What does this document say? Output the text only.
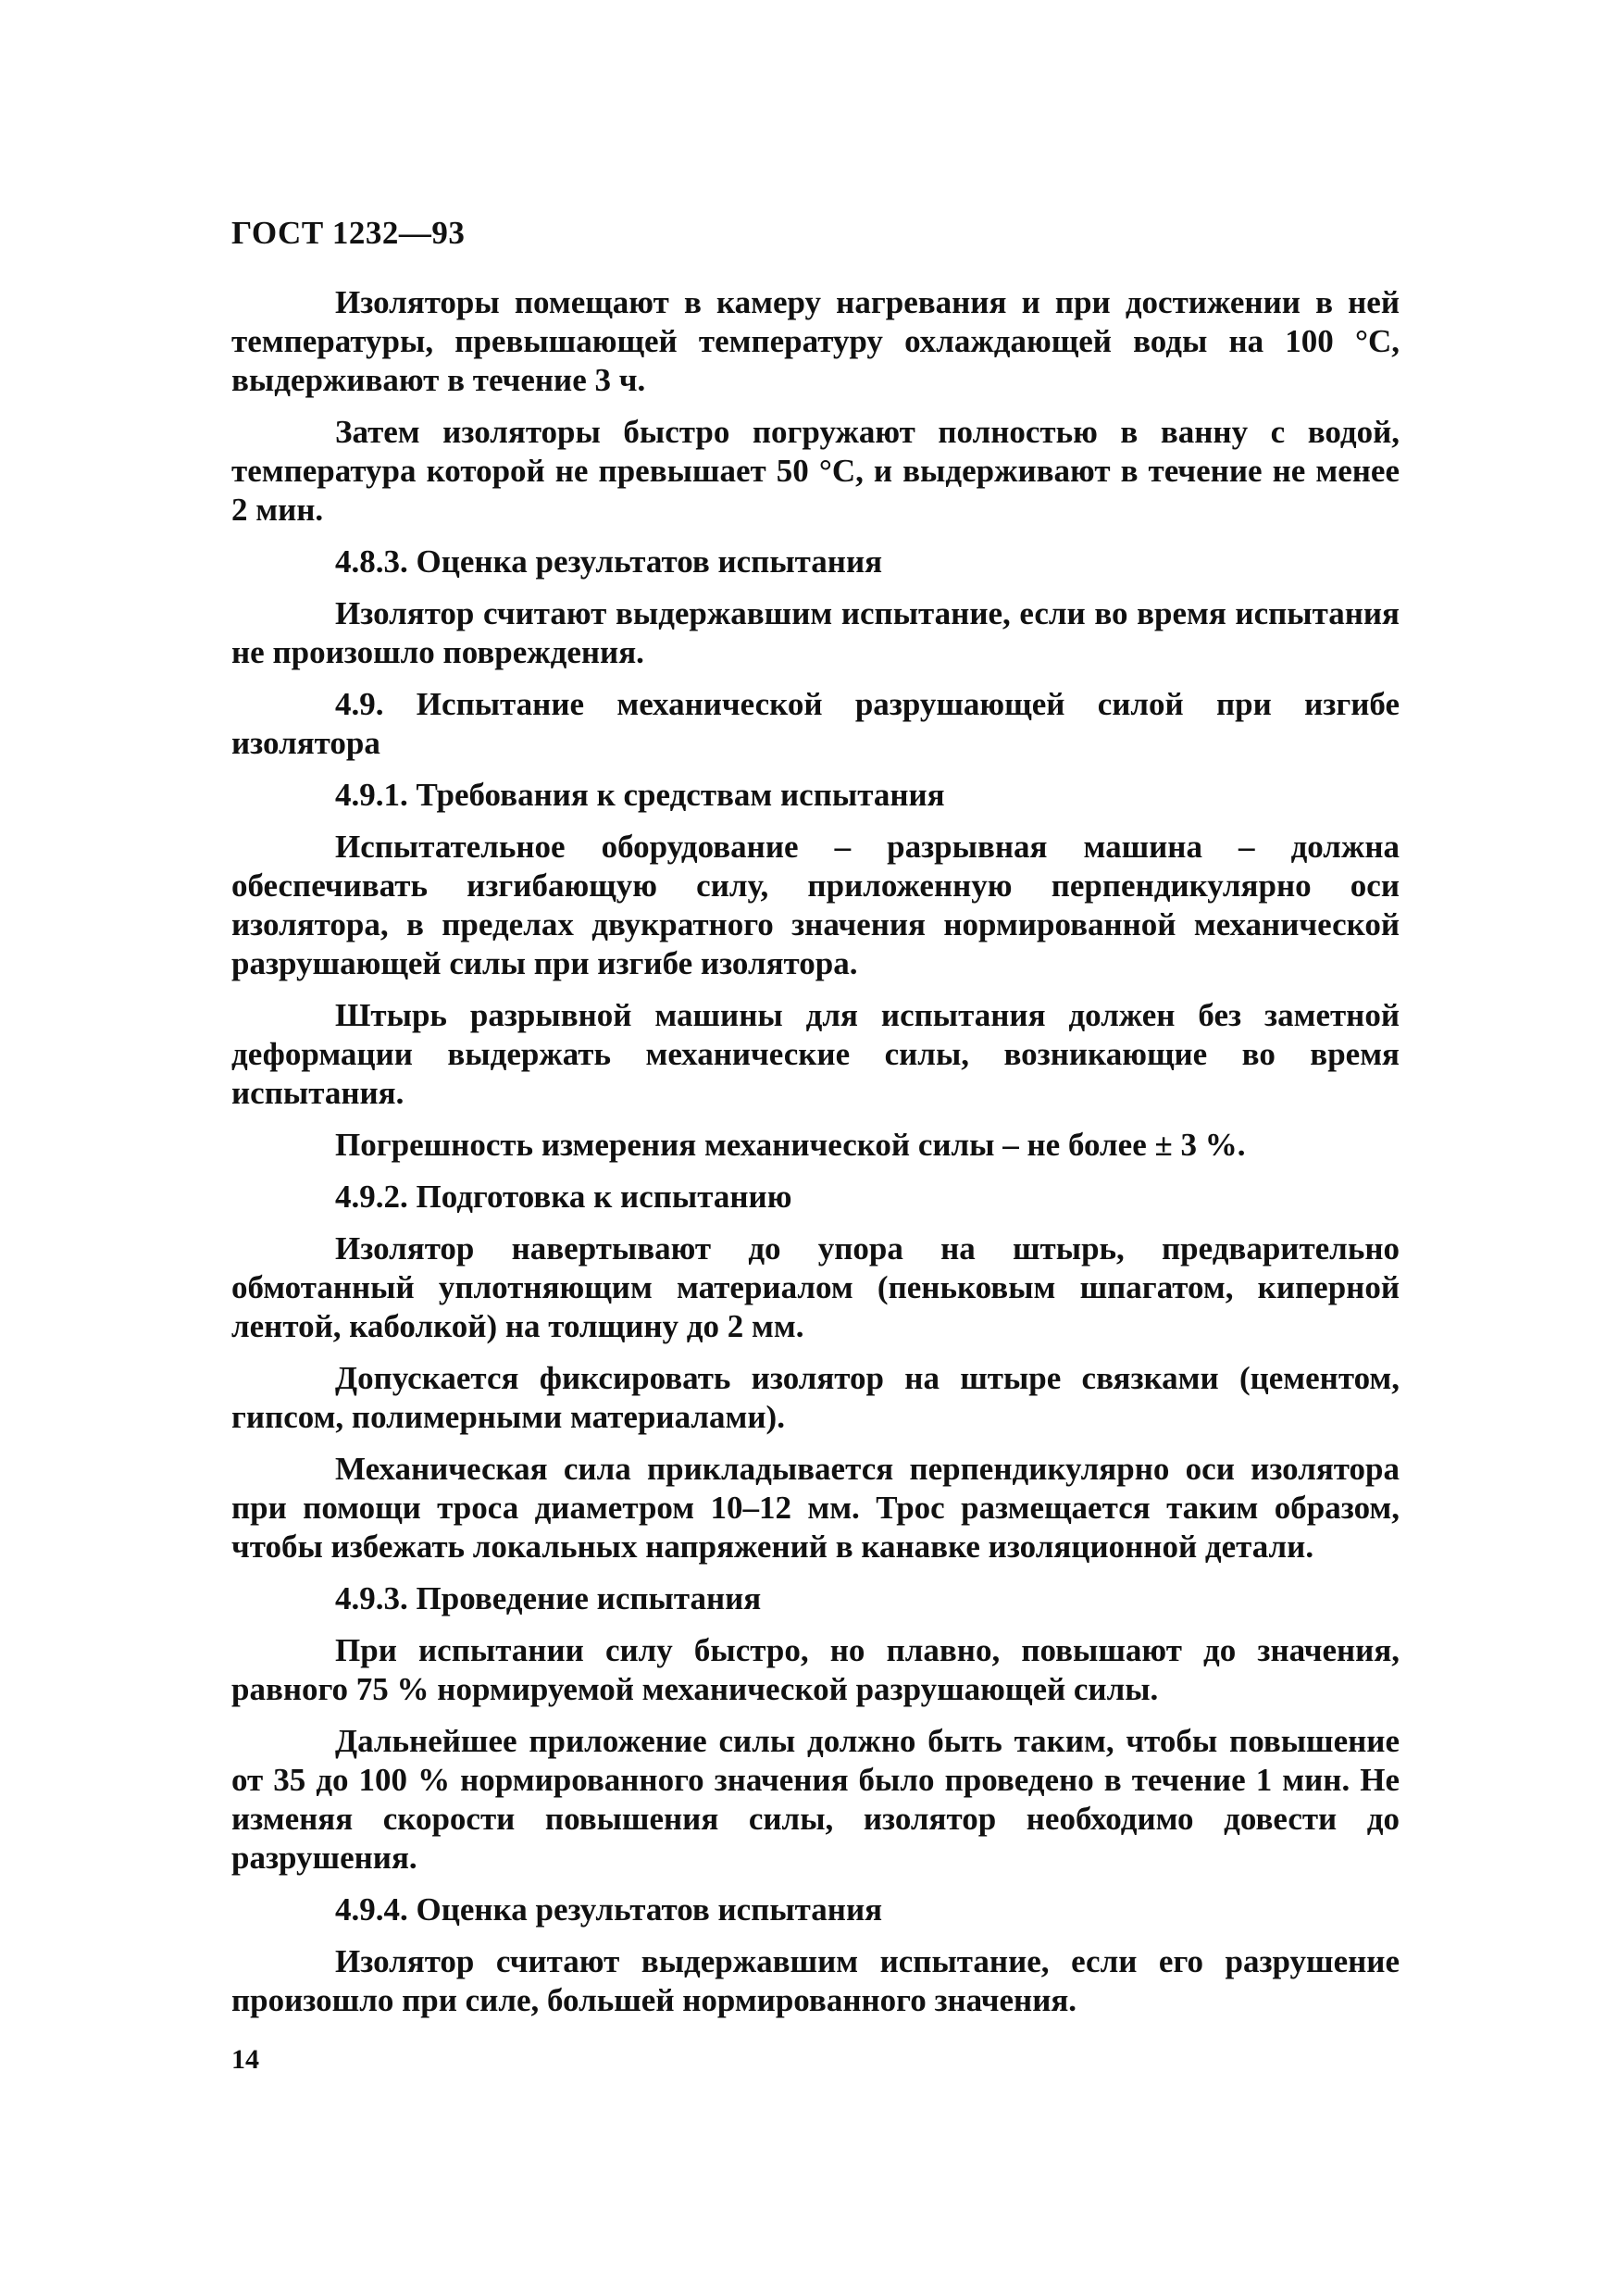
ГОСТ 1232—93

Изоляторы помещают в камеру нагревания и при достижении в ней температуры, превышающей температуру охлаждающей воды на 100 °С, выдерживают в течение 3 ч.

Затем изоляторы быстро погружают полностью в ванну с водой, температура которой не превышает 50 °С, и выдерживают в течение не менее 2 мин.

4.8.3. Оценка результатов испытания

Изолятор считают выдержавшим испытание, если во время испытания не произошло повреждения.

4.9. Испытание механической разрушающей силой при изгибе изолятора

4.9.1. Требования к средствам испытания

Испытательное оборудование – разрывная машина – должна обеспечивать изгибающую силу, приложенную перпендикулярно оси изолятора, в пределах двукратного значения нормированной механической разрушающей силы при изгибе изолятора.

Штырь разрывной машины для испытания должен без заметной деформации выдержать механические силы, возникающие во время испытания.

Погрешность измерения механической силы – не более ± 3 %.

4.9.2. Подготовка к испытанию

Изолятор навертывают до упора на штырь, предварительно обмотанный уплотняющим материалом (пеньковым шпагатом, киперной лентой, каболкой) на толщину до 2 мм.

Допускается фиксировать изолятор на штыре связками (цементом, гипсом, полимерными материалами).

Механическая сила прикладывается перпендикулярно оси изолятора при помощи троса диаметром 10–12 мм. Трос размещается таким образом, чтобы избежать локальных напряжений в канавке изоляционной детали.

4.9.3. Проведение испытания

При испытании силу быстро, но плавно, повышают до значения, равного 75 % нормируемой механической разрушающей силы.

Дальнейшее приложение силы должно быть таким, чтобы повышение от 35 до 100 % нормированного значения было проведено в течение 1 мин. Не изменяя скорости повышения силы, изолятор необходимо довести до разрушения.

4.9.4. Оценка результатов испытания

Изолятор считают выдержавшим испытание, если его разрушение произошло при силе, большей нормированного значения.

14
